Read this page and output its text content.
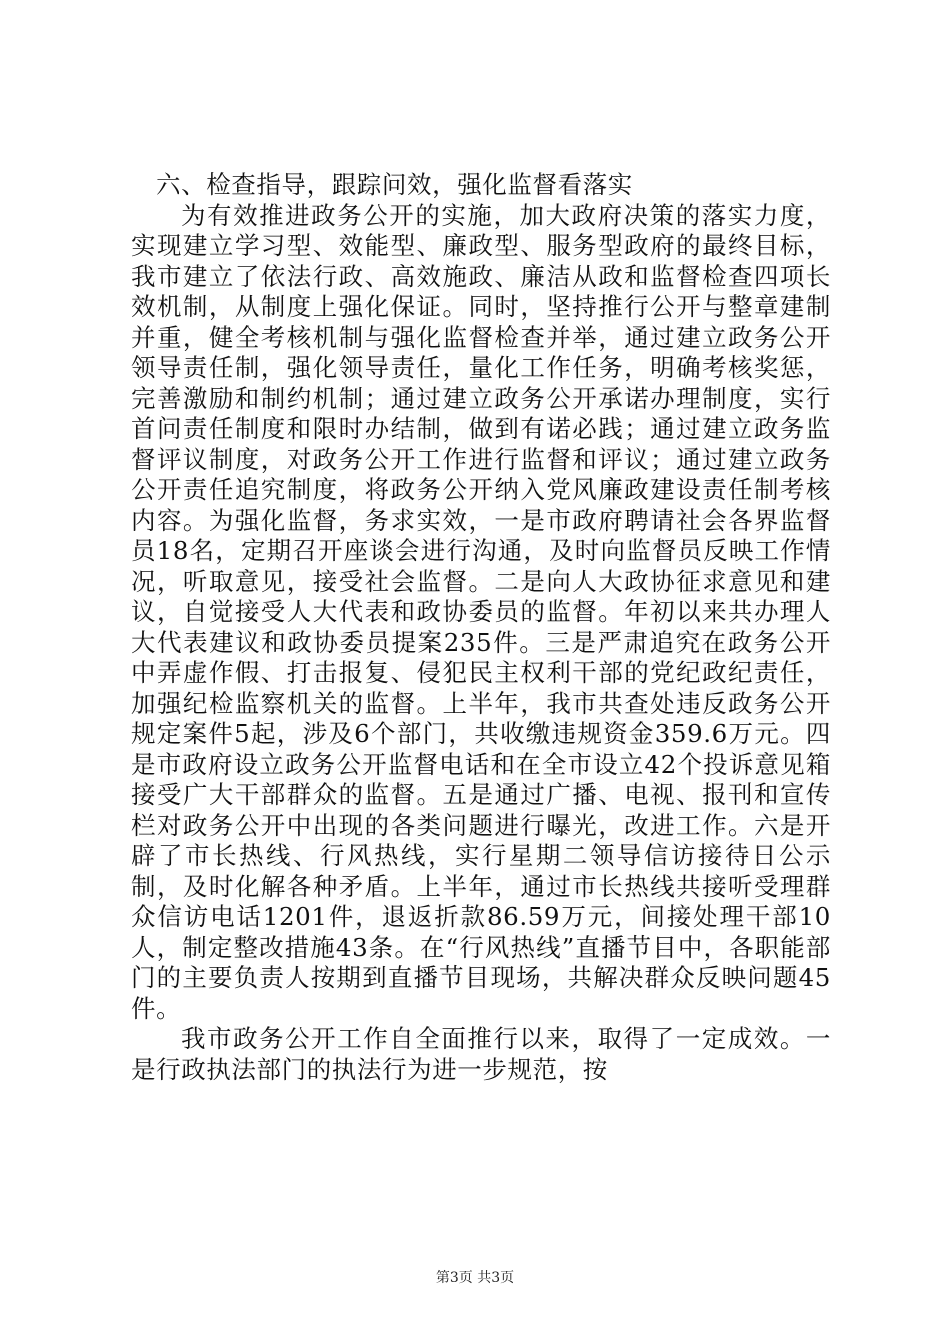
六、检查指导，跟踪问效，强化监督看落实

为有效推进政务公开的实施，加大政府决策的落实力度，实现建立学习型、效能型、廉政型、服务型政府的最终目标，我市建立了依法行政、高效施政、廉洁从政和监督检查四项长效机制，从制度上强化保证。同时，坚持推行公开与整章建制并重，健全考核机制与强化监督检查并举，通过建立政务公开领导责任制，强化领导责任，量化工作任务，明确考核奖惩，完善激励和制约机制；通过建立政务公开承诺办理制度，实行首问责任制度和限时办结制，做到有诺必践；通过建立政务监督评议制度，对政务公开工作进行监督和评议；通过建立政务公开责任追究制度，将政务公开纳入党风廉政建设责任制考核内容。为强化监督，务求实效，一是市政府聘请社会各界监督员18名，定期召开座谈会进行沟通，及时向监督员反映工作情况，听取意见，接受社会监督。二是向人大政协征求意见和建议，自觉接受人大代表和政协委员的监督。年初以来共办理人大代表建议和政协委员提案235件。三是严肃追究在政务公开中弄虚作假、打击报复、侵犯民主权利干部的党纪政纪责任，加强纪检监察机关的监督。上半年，我市共查处违反政务公开规定案件5起，涉及6个部门，共收缴违规资金359.6万元。四是市政府设立政务公开监督电话和在全市设立42个投诉意见箱接受广大干部群众的监督。五是通过广播、电视、报刊和宣传栏对政务公开中出现的各类问题进行曝光，改进工作。六是开辟了市长热线、行风热线，实行星期二领导信访接待日公示制，及时化解各种矛盾。上半年，通过市长热线共接听受理群众信访电话1201件，退返折款86.59万元，间接处理干部10人，制定整改措施43条。在“行风热线”直播节目中，各职能部门的主要负责人按期到直播节目现场，共解决群众反映问题45件。

我市政务公开工作自全面推行以来，取得了一定成效。一是行政执法部门的执法行为进一步规范，按

第3页 共3页
